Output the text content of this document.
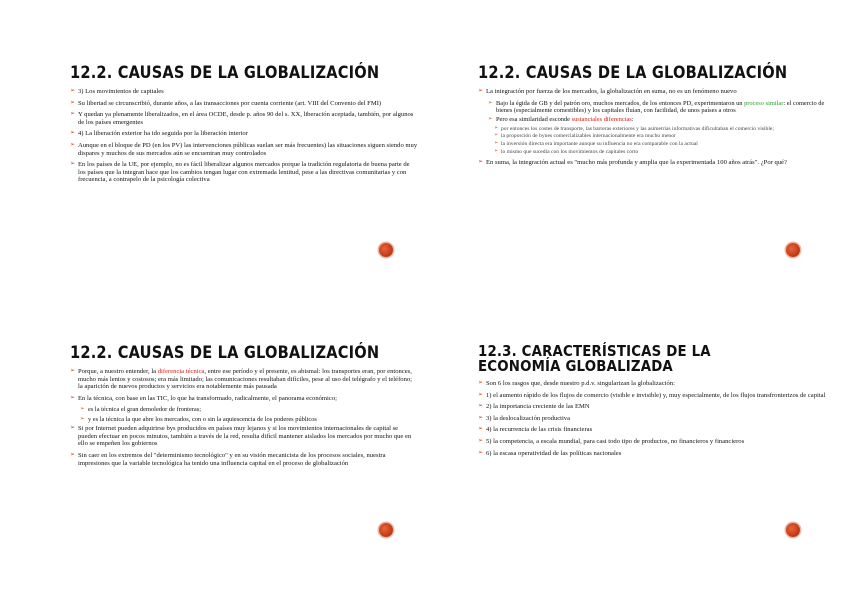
12.2. CAUSAS DE LA GLOBALIZACIÓN
➢ 3) Los movimientos de capitales
➢ Su libertad se circunscribió, durante años, a las transacciones por cuenta corriente (art. VIII del Convenio del FMI)
➢ Y quedan ya plenamente liberalizados, en el área OCDE, desde p. años 90 del s. XX, liberación aceptada, también, por algunos de los países emergentes
➢ 4) La liberación exterior ha ido seguida por la liberación interior
➢ Aunque en el bloque de PD (en los PV) las intervenciones públicas suelan ser más frecuentes) las situaciones siguen siendo muy dispares y muchos de sus mercados aún se encuentran muy controlados
➢ En los países de la UE, por ejemplo, no es fácil liberalizar algunos mercados porque la tradición regulatoria de buena parte de los países que la integran hace que los cambios tengan lugar con extremada lentitud, pese a las directivas comunitarias y con frecuencia, a contrapelo de la psicología colectiva
12.2. CAUSAS DE LA GLOBALIZACIÓN
➢ La integración por fuerza de los mercados, la globalización en suma, no es un fenómeno nuevo
➢ Bajo la égida de GB y del patrón oro, muchos mercados, de los entonces PD, experimentaron un proceso similar: el comercio de bienes (especialmente comestibles) y los capitales fluían, con facilidad, de unos países a otros
➢ Pero esa similaridad esconde sustanciales diferencias:
➢ por entonces los costes de transporte, las barreras exteriores y las asimetrías informativas dificultaban el comercio visible;
➢ la proporción de bynes comercializables internacionalmente era mucho menor
➢ la inversión directa era importante aunque su influencia no era comparable con la actual
➢ lo mismo que sucedía con los movimientos de capitales corto
➢ En suma, la integración actual es "mucho más profunda y amplia que la experimentada 100 años atrás". ¿Por qué?
12.2. CAUSAS DE LA GLOBALIZACIÓN
➢ Porque, a nuestro entender, la diferencia técnica, entre ese período y el presente, es abismal: los transportes eran, por entonces, mucho más lentos y costosos; era más limitado; las comunicaciones resultaban difíciles, pese al uso del telégrafo y el teléfono; la aparición de nuevos productos y servicios era notablemente más pausada
➢ En la técnica, con base en las TIC, lo que ha transformado, radicalmente, el panorama económico;
➢ es la técnica el gran demoledor de fronteras;
➢ y es la técnica la que abre los mercados, con o sin la aquiescencia de los poderes públicos
➢ Si por Internet pueden adquirirse bys producidos en países muy lejanos y si los movimientos internacionales de capital se pueden efectuar en pocos minutos, también a través de la red, resulta difícil mantener aislados los mercados por mucho que en ello se empeñen los gobiernos
➢ Sin caer en los extremos del "determinismo tecnológico" y en su visión mecanicista de los procesos sociales, nuestra impresiones que la variable tecnológica ha tenido una influencia capital en el proceso de globalización
12.3. CARACTERÍSTICAS DE LA ECONOMÍA GLOBALIZADA
➢ Son 6 los rasgos que, desde nuestro p.d.v. singularizan la globalización:
➢ 1) el aumento rápido de los flujos de comercio (visible e invisible) y, muy especialmente, de los flujos transfronterizos de capital
➢ 2) la importancia creciente de las EMN
➢ 3) la deslocalización productiva
➢ 4) la recurrencia de las crisis financieras
➢ 5) la competencia, a escala mundial, para casi todo tipo de productos, no financieros y financieros
➢ 6) la escasa operatividad de las políticas nacionales
